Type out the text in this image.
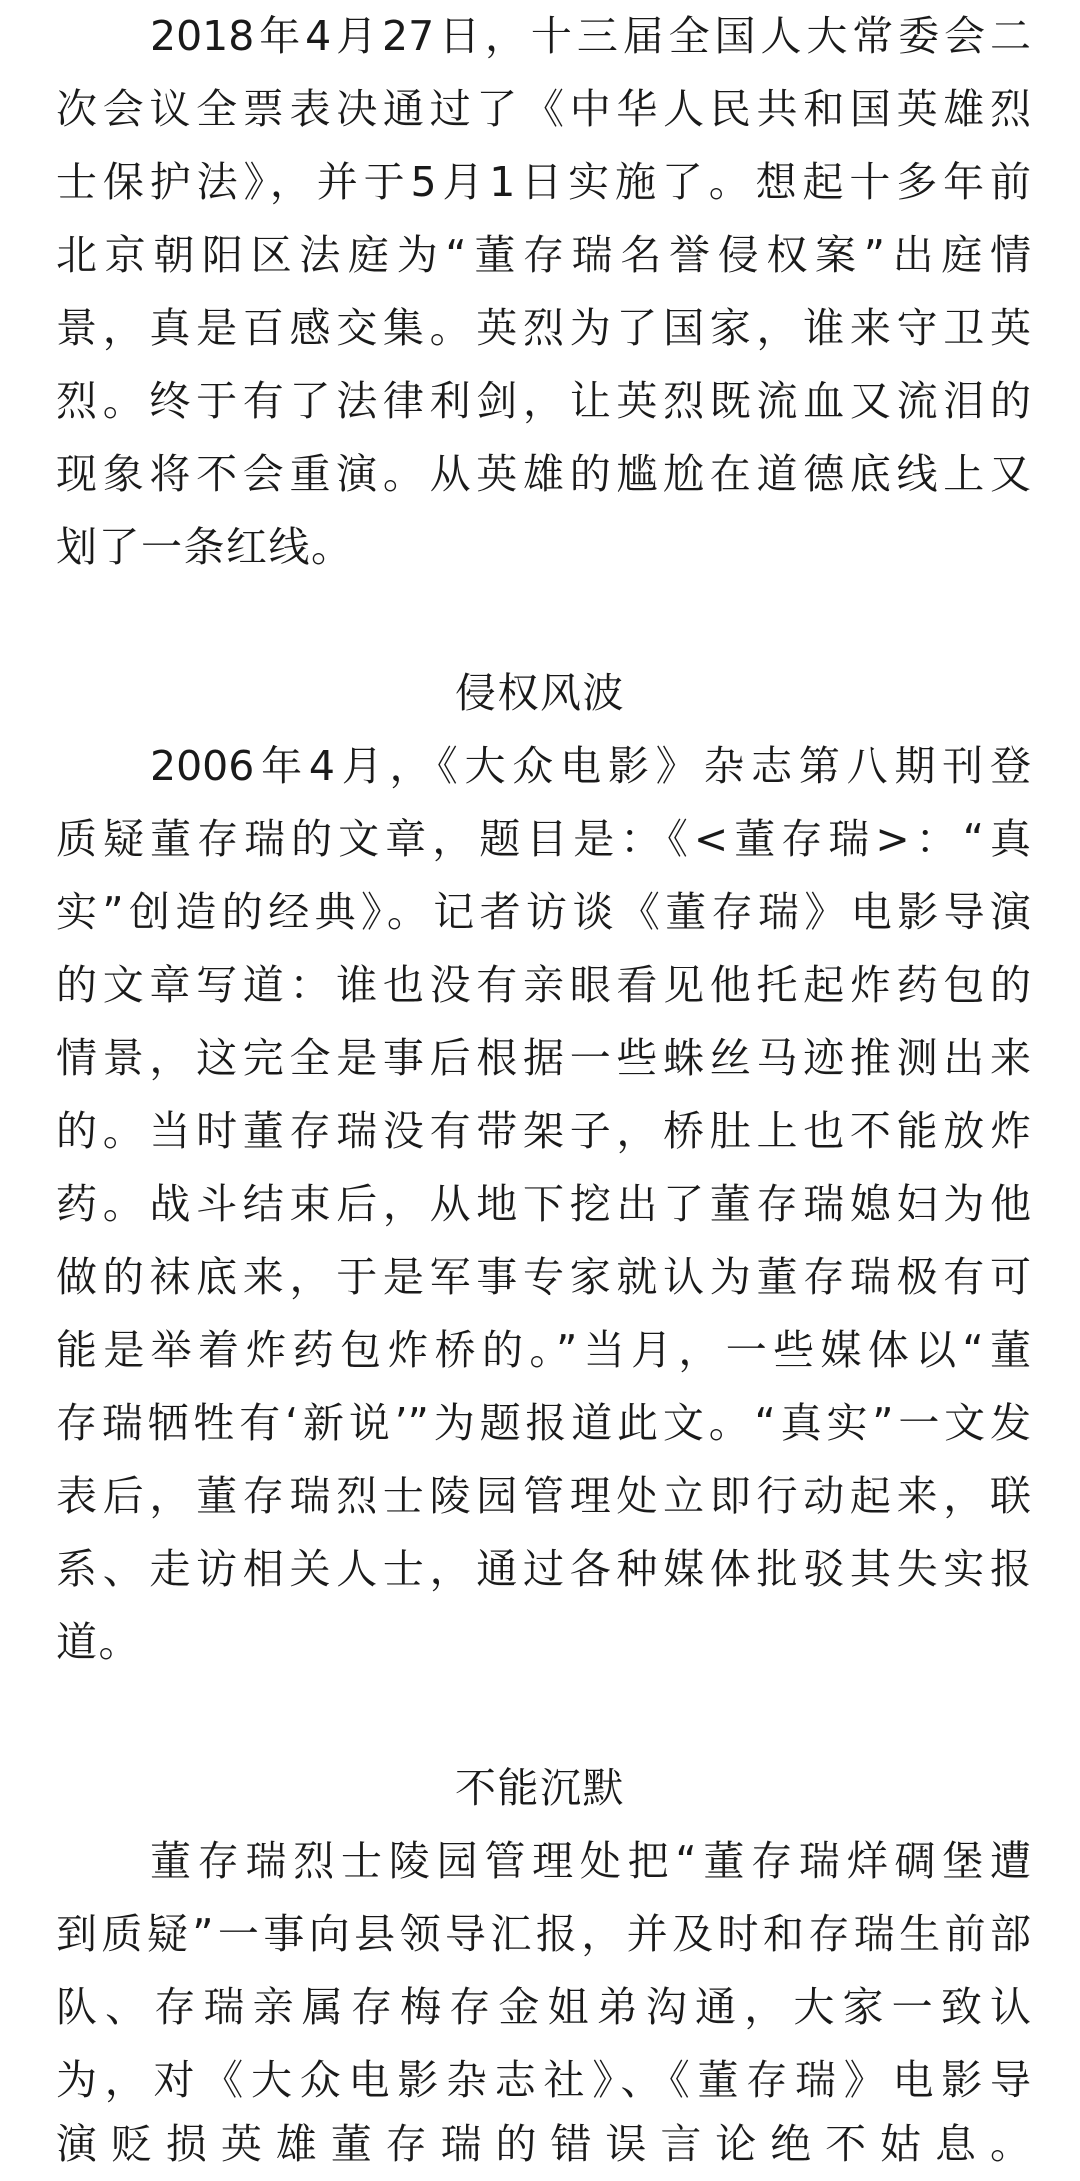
2018年4月27日，十三届全国人大常委会二
次会议全票表决通过了《中华人民共和国英雄烈
士保护法》，并于5月1日实施了。想起十多年前
北京朝阳区法庭为“董存瑞名誉侵权案”出庭情
景，真是百感交集。英烈为了国家，谁来守卫英
烈。终于有了法律利剑，让英烈既流血又流泪的
现象将不会重演。从英雄的尴尬在道德底线上又
划了一条红线。
侵权风波
2006年4月，《大众电影》杂志第八期刊登
质疑董存瑞的文章，题目是：《<董存瑞>：“真
实”创造的经典》。记者访谈《董存瑞》电影导演
的文章写道：谁也没有亲眼看见他托起炸药包的
情景，这完全是事后根据一些蛛丝马迹推测出来
的。当时董存瑞没有带架子，桥肚上也不能放炸
药。战斗结束后，从地下挖出了董存瑞媳妇为他
做的袜底来，于是军事专家就认为董存瑞极有可
能是举着炸药包炸桥的。”当月，一些媒体以“董
存瑞牺牲有‘新说’”为题报道此文。“真实”一文发
表后，董存瑞烈士陵园管理处立即行动起来，联
系、走访相关人士，通过各种媒体批驳其失实报
道。
不能沉默
董存瑞烈士陵园管理处把“董存瑞烊碉堡遭
到质疑”一事向县领导汇报，并及时和存瑞生前部
队、存瑞亲属存梅存金姐弟沟通，大家一致认
为，对《大众电影杂志社》、《董存瑞》电影导
演贬损英雄董存瑞的错误言论绝不姑息。
